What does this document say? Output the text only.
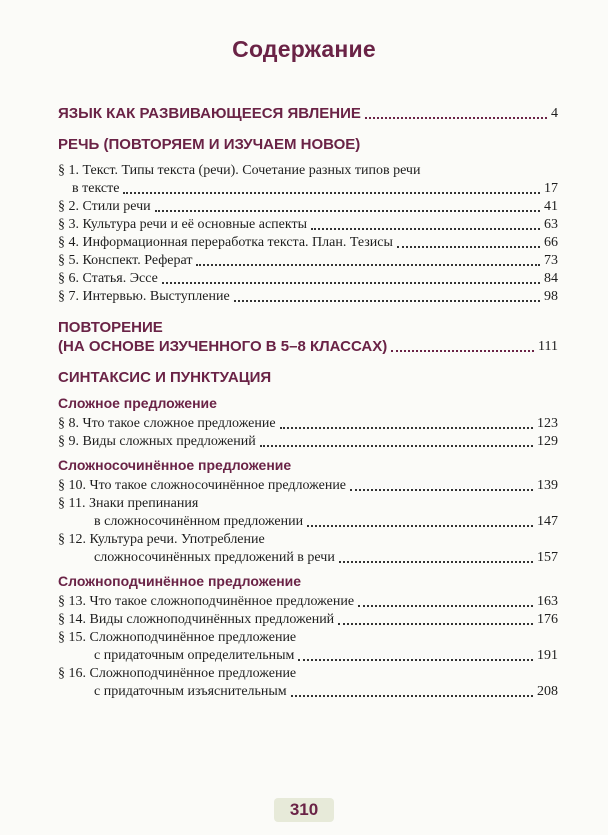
Содержание
ЯЗЫК КАК РАЗВИВАЮЩЕЕСЯ ЯВЛЕНИЕ	4
РЕЧЬ (ПОВТОРЯЕМ И ИЗУЧАЕМ НОВОЕ)
§ 1. Текст. Типы текста (речи). Сочетание разных типов речи
в тексте	17
§ 2. Стили речи	41
§ 3. Культура речи и её основные аспекты	63
§ 4. Информационная переработка текста. План. Тезисы	66
§ 5. Конспект. Реферат	73
§ 6. Статья. Эссе	84
§ 7. Интервью. Выступление	98
ПОВТОРЕНИЕ
(НА ОСНОВЕ ИЗУЧЕННОГО В 5–8 КЛАССАХ)	111
СИНТАКСИС И ПУНКТУАЦИЯ
Сложное предложение
§ 8. Что такое сложное предложение	123
§ 9. Виды сложных предложений	129
Сложносочинённое предложение
§ 10. Что такое сложносочинённое предложение	139
§ 11. Знаки препинания
в сложносочинённом предложении	147
§ 12. Культура речи. Употребление
сложносочинённых предложений в речи	157
Сложноподчинённое предложение
§ 13. Что такое сложноподчинённое предложение	163
§ 14. Виды сложноподчинённых предложений	176
§ 15. Сложноподчинённое предложение
с придаточным определительным	191
§ 16. Сложноподчинённое предложение
с придаточным изъяснительным	208
310
